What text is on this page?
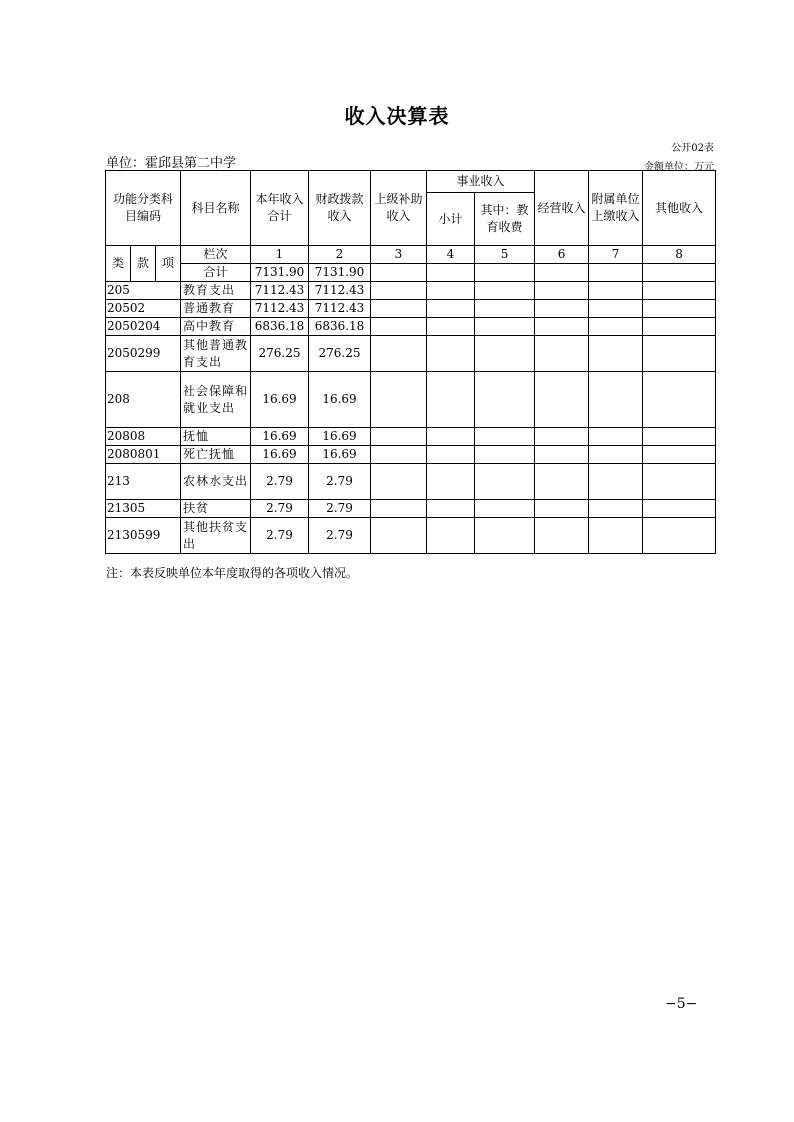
收入决算表
公开02表
单位：霍邱县第二中学	金额单位：万元
功能分类科目编码			科目名称	本年收入合计	财政拨款收入	上级补助收入	事业收入		经营收入	附属单位上缴收入	其他收入
							小计	其中：教育收费			

类	款	项	栏次	1	2	3	4	5	6	7	8
			合计	7131.90	7131.90						
205			教育支出	7112.43	7112.43						
20502			普通教育	7112.43	7112.43						
2050204			高中教育	6836.18	6836.18						
2050299			其他普通教育支出	276.25	276.25						
208			社会保障和就业支出	16.69	16.69						
20808			抚恤	16.69	16.69						
2080801			死亡抚恤	16.69	16.69						
213			农林水支出	2.79	2.79						
21305			扶贫	2.79	2.79						
2130599			其他扶贫支出	2.79	2.79						
注：本表反映单位本年度取得的各项收入情况。
−5−
